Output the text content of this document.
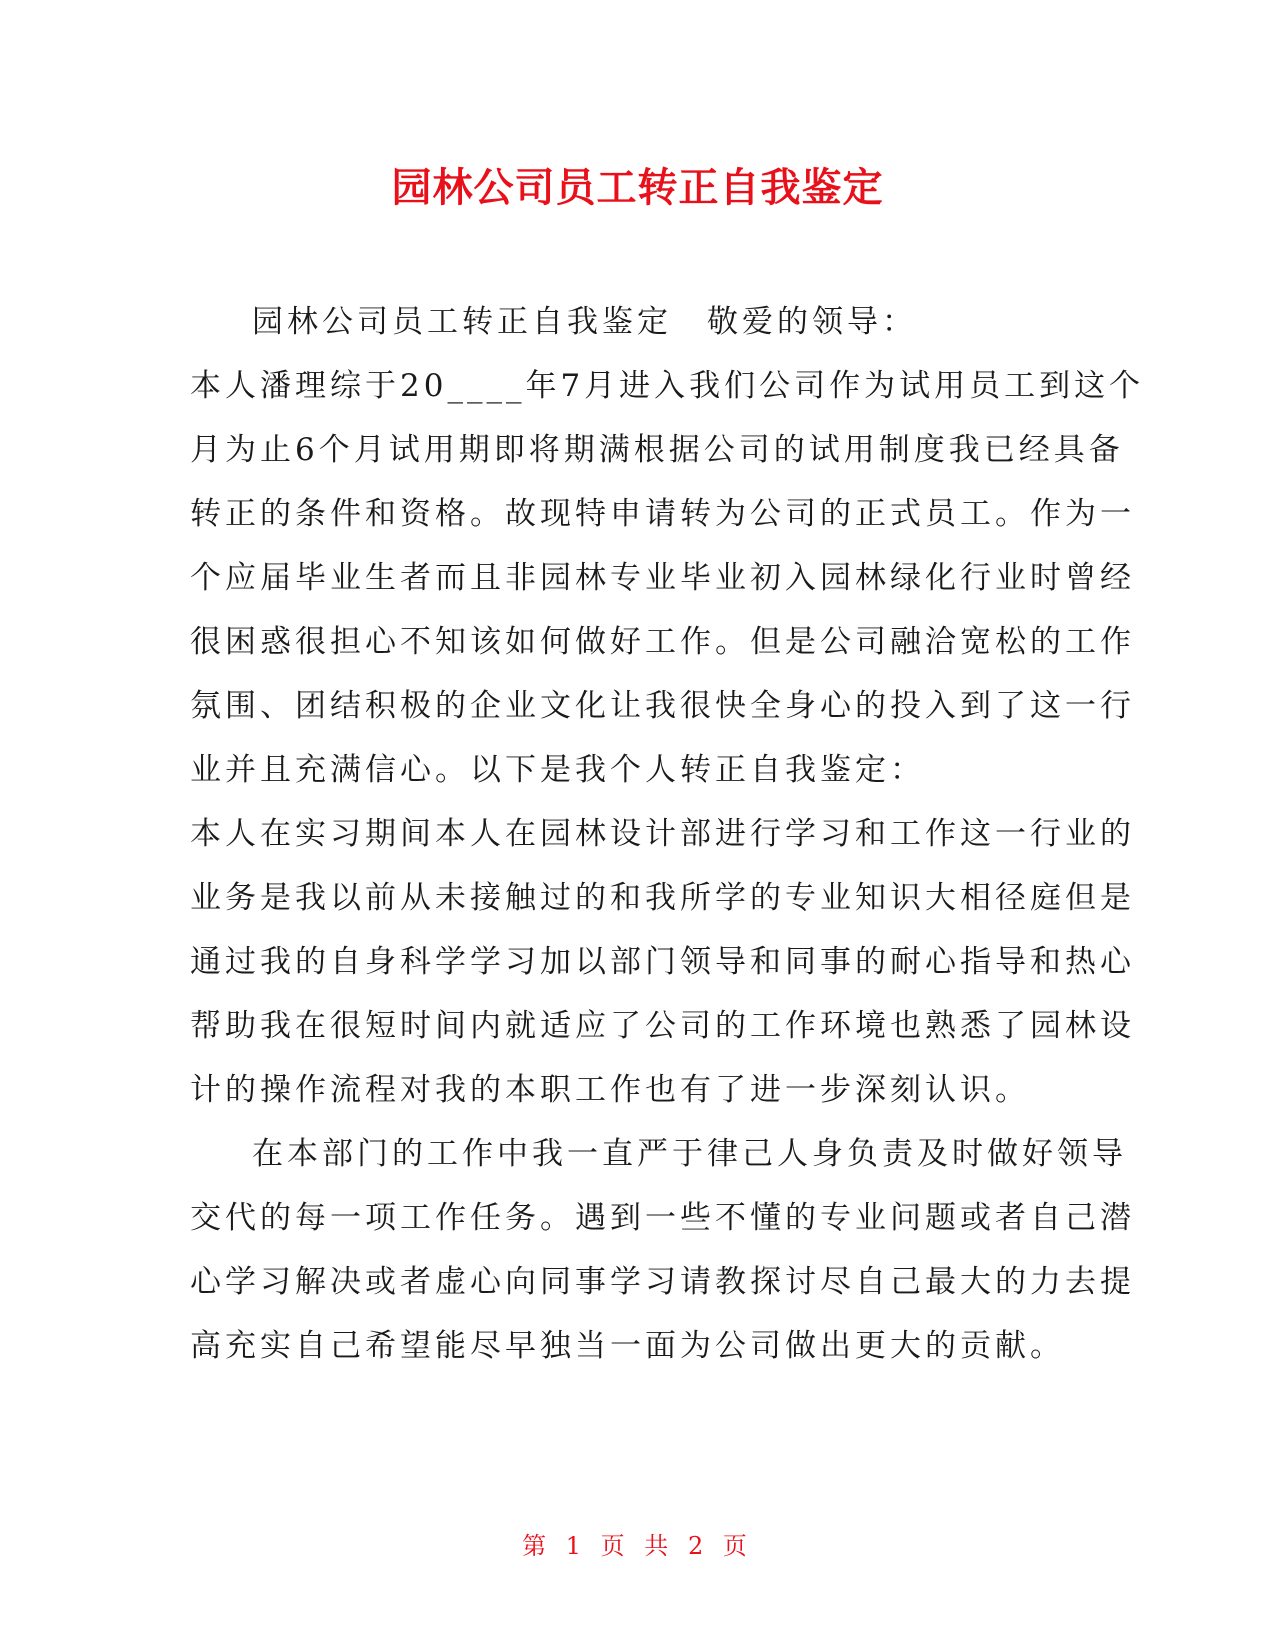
园林公司员工转正自我鉴定

园林公司员工转正自我鉴定　敬爱的领导：

本人潘理综于20____年7月进入我们公司作为试用员工到这个

月为止6个月试用期即将期满根据公司的试用制度我已经具备

转正的条件和资格。故现特申请转为公司的正式员工。作为一

个应届毕业生者而且非园林专业毕业初入园林绿化行业时曾经

很困惑很担心不知该如何做好工作。但是公司融洽宽松的工作

氛围、团结积极的企业文化让我很快全身心的投入到了这一行

业并且充满信心。以下是我个人转正自我鉴定：

本人在实习期间本人在园林设计部进行学习和工作这一行业的

业务是我以前从未接触过的和我所学的专业知识大相径庭但是

通过我的自身科学学习加以部门领导和同事的耐心指导和热心

帮助我在很短时间内就适应了公司的工作环境也熟悉了园林设

计的操作流程对我的本职工作也有了进一步深刻认识。

在本部门的工作中我一直严于律己人身负责及时做好领导

交代的每一项工作任务。遇到一些不懂的专业问题或者自己潜

心学习解决或者虚心向同事学习请教探讨尽自己最大的力去提

高充实自己希望能尽早独当一面为公司做出更大的贡献。

第 1 页 共 2 页
